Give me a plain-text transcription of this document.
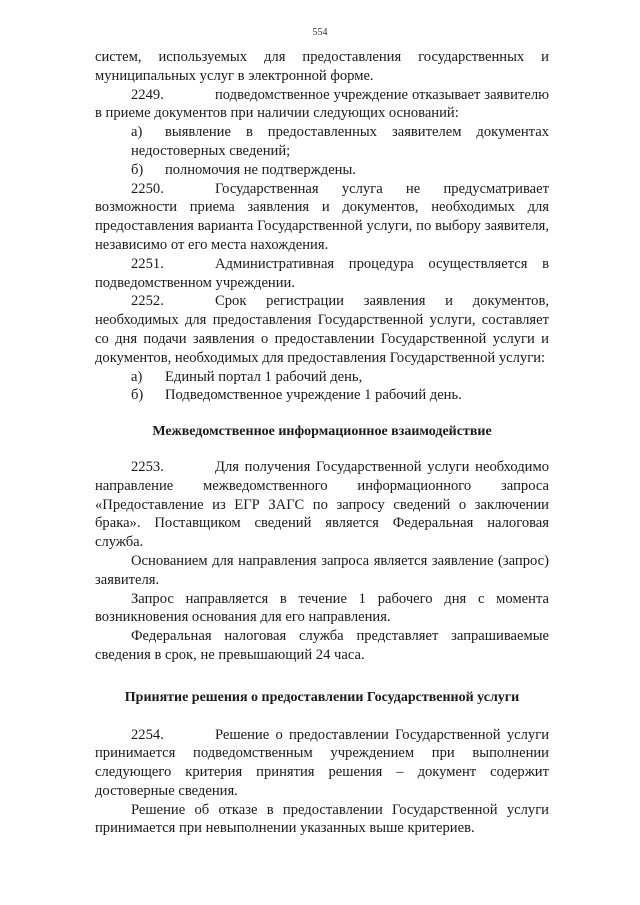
554

систем, используемых для предоставления государственных и муниципальных услуг в электронной форме.

2249.	подведомственное учреждение отказывает заявителю в приеме документов при наличии следующих оснований:

а) выявление в предоставленных заявителем документах недостоверных сведений;

б) полномочия не подтверждены.

2250.	Государственная услуга не предусматривает возможности приема заявления и документов, необходимых для предоставления варианта Государственной услуги, по выбору заявителя, независимо от его места нахождения.

2251.	Административная процедура осуществляется в подведомственном учреждении.

2252.	Срок регистрации заявления и документов, необходимых для предоставления Государственной услуги, составляет со дня подачи заявления о предоставлении Государственной услуги и документов, необходимых для предоставления Государственной услуги:

а) Единый портал 1 рабочий день,

б) Подведомственное учреждение 1 рабочий день.

Межведомственное информационное взаимодействие

2253.	Для получения Государственной услуги необходимо направление межведомственного информационного запроса «Предоставление из ЕГР ЗАГС по запросу сведений о заключении брака». Поставщиком сведений является Федеральная налоговая служба.

Основанием для направления запроса является заявление (запрос) заявителя.

Запрос направляется в течение 1 рабочего дня с момента возникновения основания для его направления.

Федеральная налоговая служба представляет запрашиваемые сведения в срок, не превышающий 24 часа.

Принятие решения о предоставлении Государственной услуги

2254.	Решение о предоставлении Государственной услуги принимается подведомственным учреждением при выполнении следующего критерия принятия решения – документ содержит достоверные сведения.

Решение об отказе в предоставлении Государственной услуги принимается при невыполнении указанных выше критериев.
